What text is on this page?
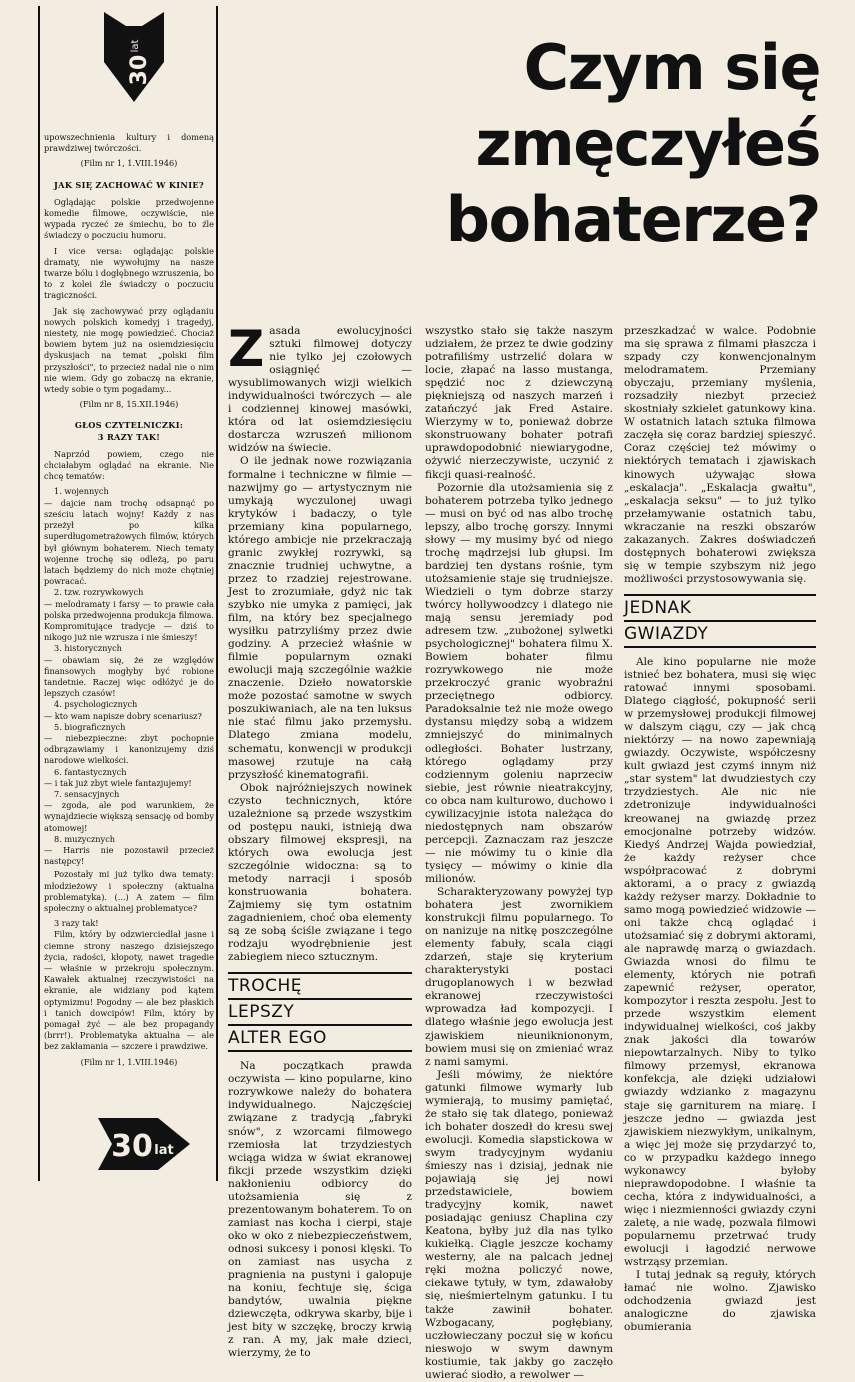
30
lat	Czym się
zmęczyłeś
bohaterze?

upowszechnienia kultury i domeną prawdziwej twórczości.

(Film nr 1, 1.VIII.1946)

JAK SIĘ ZACHOWAĆ W KINIE?

Oglądając polskie przedwojenne komedie filmowe, oczywiście, nie wypada ryczeć ze śmiechu, bo to źle świadczy o poczuciu humoru.

I vice versa: oglądając polskie dramaty, nie wywołujmy na nasze twarze bólu i dogłębnego wzruszenia, bo to z kolei źle świadczy o poczuciu tragiczności.

Jak się zachowywać przy oglądaniu nowych polskich komedyj i tragedyj, niestety, nie mogę powiedzieć. Chociaż bowiem bytem już na osiemdziesięciu dyskusjach na temat „polski film przyszłości", to przecież nadal nie o nim nie wiem. Gdy go zobaczę na ekranie, wtedy sobie o tym pogadamy...

(Film nr 8, 15.XII.1946)

GŁOS CZYTELNICZKI:

3 RAZY TAK!

Naprzód powiem, czego nie chciałabym oglądać na ekranie. Nie chcę tematów:

1. wojennych

— dajcie nam trochę odsapnąć po sześciu latach wojny! Każdy z nas przeżył po kilka superdługometrażowych filmów, których był głównym bohaterem. Niech tematy wojenne trochę się odleżą, po paru latach będziemy do nich może chętniej powracać.

2. tzw. rozrywkowych

— melodramaty i farsy — to prawie cała polska przedwojenna produkcja filmowa. Kompromitujące tradycje — dziś to nikogo już nie wzrusza i nie śmieszy!

3. historycznych

— obawiam się, że ze względów finansowych mogłyby być robione tandetnie. Raczej więc odłóżyć je do lepszych czasów!

4. psychologicznych

— kto wam napisze dobry scenariusz?

5. biograficznych

— niebezpieczne: zbyt pochopnie odbrązawiamy i kanonizujemy dziś narodowe wielkości.

6. fantastycznych

— i tak już zbyt wiele fantazjujemy!

7. sensacyjnych

— zgoda, ale pod warunkiem, że wynajdziecie większą sensację od bomby atomowej!

8. muzycznych

— Harris nie pozostawił przecież następcy!

Pozostały mi już tylko dwa tematy: młodzieżowy i społeczny (aktualna problematyka). (...) A zatem — film społeczny o aktualnej problematyce?

3 razy tak!

Film, który by odzwierciedlał jasne i ciemne strony naszego dzisiejszego życia, radości, kłopoty, nawet tragedie — właśnie w przekroju społecznym. Kawałek aktualnej rzeczywistości na ekranie, ale widziany pod kątem optymizmu! Pogodny — ale bez płaskich i tanich dowcipów! Film, który by pomagał żyć — ale bez propagandy (brrr!). Problematyka aktualna — ale bez zakłamania — szczere i prawdziwe.

(Film nr 1, 1.VIII.1946)

30 lat

Zasada ewolucyjności sztuki filmowej dotyczy nie tylko jej czołowych osiągnięć — wysublimowanych wizji wielkich indywidualności twórczych — ale i codziennej kinowej masówki, która od lat osiemdziesięciu dostarcza wzruszeń milionom widzów na świecie.

O ile jednak nowe rozwiązania formalne i techniczne w filmie — nazwijmy go — artystycznym nie umykają wyczulonej uwagi krytyków i badaczy, o tyle przemiany kina popularnego, którego ambicje nie przekraczają granic zwykłej rozrywki, są znacznie trudniej uchwytne, a przez to rzadziej rejestrowane. Jest to zrozumiałe, gdyż nic tak szybko nie umyka z pamięci, jak film, na który bez specjalnego wysiłku patrzyliśmy przez dwie godziny. A przecież właśnie w filmie popularnym oznaki ewolucji mają szczególnie ważkie znaczenie. Dzieło nowatorskie może pozostać samotne w swych poszukiwaniach, ale na ten luksus nie stać filmu jako przemysłu. Dlatego zmiana modelu, schematu, konwencji w produkcji masowej rzutuje na całą przyszłość kinematografii.

Obok najróżniejszych nowinek czysto technicznych, które uzależnione są przede wszystkim od postępu nauki, istnieją dwa obszary filmowej ekspresji, na których owa ewolucja jest szczególnie widoczna: są to metody narracji i sposób konstruowania bohatera. Zajmiemy się tym ostatnim zagadnieniem, choć oba elementy są ze sobą ściśle związane i tego rodzaju wyodrębnienie jest zabiegiem nieco sztucznym.

TROCHĘ
LEPSZY
ALTER EGO

Na początkach prawda oczywista — kino popularne, kino rozrywkowe należy do bohatera indywidualnego. Najczęściej związane z tradycją „fabryki snów", z wzorcami filmowego rzemiosła lat trzydziestych wciąga widza w świat ekranowej fikcji przede wszystkim dzięki nakłonieniu odbiorcy do utożsamienia się z prezentowanym bohaterem. To on zamiast nas kocha i cierpi, staje oko w oko z niebezpieczeństwem, odnosi sukcesy i ponosi klęski. To on zamiast nas usycha z pragnienia na pustyni i galopuje na koniu, fechtuje się, ściga bandytów, uwalnia piękne dziewczęta, odkrywa skarby, bije i jest bity w szczękę, broczy krwią z ran. A my, jak małe dzieci, wierzymy, że to

wszystko stało się także naszym udziałem, że przez te dwie godziny potrafiliśmy ustrzelić dolara w locie, złapać na lasso mustanga, spędzić noc z dziewczyną piękniejszą od naszych marzeń i zatańczyć jak Fred Astaire. Wierzymy w to, ponieważ dobrze skonstruowany bohater potrafi uprawdopodobnić niewiarygodne, ożywić nierzeczywiste, uczynić z fikcji quasi-realność.

Pozornie dla utożsamienia się z bohaterem potrzeba tylko jednego — musi on być od nas albo trochę lepszy, albo trochę gorszy. Innymi słowy — my musimy być od niego trochę mądrzejsi lub głupsi. Im bardziej ten dystans rośnie, tym utożsamienie staje się trudniejsze. Wiedzieli o tym dobrze starzy twórcy hollywoodzcy i dlatego nie mają sensu jeremiady pod adresem tzw. „zubożonej sylwetki psychologicznej" bohatera filmu X. Bowiem bohater filmu rozrywkowego nie może przekroczyć granic wyobraźni przeciętnego odbiorcy. Paradoksalnie też nie może owego dystansu między sobą a widzem zmniejszyć do minimalnych odległości. Bohater lustrzany, którego oglądamy przy codziennym goleniu naprzeciw siebie, jest równie nieatrakcyjny, co obca nam kulturowo, duchowo i cywilizacyjnie istota należąca do niedostępnych nam obszarów percepcji. Zaznaczam raz jeszcze — nie mówimy tu o kinie dla tysięcy — mówimy o kinie dla milionów.

Scharakteryzowany powyżej typ bohatera jest zwornikiem konstrukcji filmu popularnego. To on nanizuje na nitkę poszczególne elementy fabuły, scala ciągi zdarzeń, staje się kryterium charakterystyki postaci drugoplanowych i w bezwład ekranowej rzeczywistości wprowadza ład kompozycji. I dlatego właśnie jego ewolucja jest zjawiskiem nieunikniononym, bowiem musi się on zmieniać wraz z nami samymi.

Jeśli mówimy, że niektóre gatunki filmowe wymarły lub wymierają, to musimy pamiętać, że stało się tak dlatego, ponieważ ich bohater doszedł do kresu swej ewolucji. Komedia slapstickowa w swym tradycyjnym wydaniu śmieszy nas i dzisiaj, jednak nie pojawiają się jej nowi przedstawiciele, bowiem tradycyjny komik, nawet posiadając geniusz Chaplina czy Keatona, byłby już dla nas tylko kukiełką. Ciągle jeszcze kochamy westerny, ale na palcach jednej ręki można policzyć nowe, ciekawe tytuły, w tym, zdawałoby się, nieśmiertelnym gatunku. I tu także zawinił bohater. Wzbogacany, pogłębiany, uczłowieczany poczuł się w końcu nieswojo w swym dawnym kostiumie, tak jakby go zaczęło uwierać siodło, a rewolwer —

przeszkadzać w walce. Podobnie ma się sprawa z filmami płaszcza i szpady czy konwencjonalnym melodramatem. Przemiany obyczaju, przemiany myślenia, rozsadziły niezbyt przecież skostniały szkielet gatunkowy kina. W ostatnich latach sztuka filmowa zaczęła się coraz bardziej spieszyć. Coraz częściej też mówimy o niektórych tematach i zjawiskach kinowych używając słowa „eskalacja". „Eskalacja gwałtu", „eskalacja seksu" — to już tylko przełamywanie ostatnich tabu, wkraczanie na reszki obszarów zakazanych. Zakres doświadczeń dostępnych bohaterowi zwiększa się w tempie szybszym niż jego możliwości przystosowywania się.

JEDNAK
GWIAZDY

Ale kino popularne nie może istnieć bez bohatera, musi się więc ratować innymi sposobami. Dlatego ciągłość, pokupność serii w przemysłowej produkcji filmowej w dalszym ciągu, czy — jak chcą niektórzy — na nowo zapewniają gwiazdy. Oczywiste, współczesny kult gwiazd jest czymś innym niż „star system" lat dwudziestych czy trzydziestych. Ale nic nie zdetronizuje indywidualności kreowanej na gwiazdę przez emocjonalne potrzeby widzów. Kiedyś Andrzej Wajda powiedział, że każdy reżyser chce współpracować z dobrymi aktorami, a o pracy z gwiazdą każdy reżyser marzy. Dokładnie to samo mogą powiedzieć widzowie — oni także chcą oglądać i utożsamiać się z dobrymi aktorami, ale naprawdę marzą o gwiazdach. Gwiazda wnosi do filmu te elementy, których nie potrafi zapewnić reżyser, operator, kompozytor i reszta zespołu. Jest to przede wszystkim element indywidualnej wielkości, coś jakby znak jakości dla towarów niepowtarzalnych. Niby to tylko filmowy przemysł, ekranowa konfekcja, ale dzięki udziałowi gwiazdy wdzianko z magazynu staje się garniturem na miarę. I jeszcze jedno — gwiazda jest zjawiskiem niezwykłym, unikalnym, a więc jej może się przydarzyć to, co w przypadku każdego innego wykonawcy byłoby nieprawdopodobne. I właśnie ta cecha, która z indywidualności, a więc i niezmienności gwiazdy czyni zaletę, a nie wadę, pozwala filmowi popularnemu przetrwać trudy ewolucji i łagodzić nerwowe wstrząsy przemian.

I tutaj jednak są reguły, których łamać nie wolno. Zjawisko odchodzenia gwiazd jest analogiczne do zjawiska obumierania
